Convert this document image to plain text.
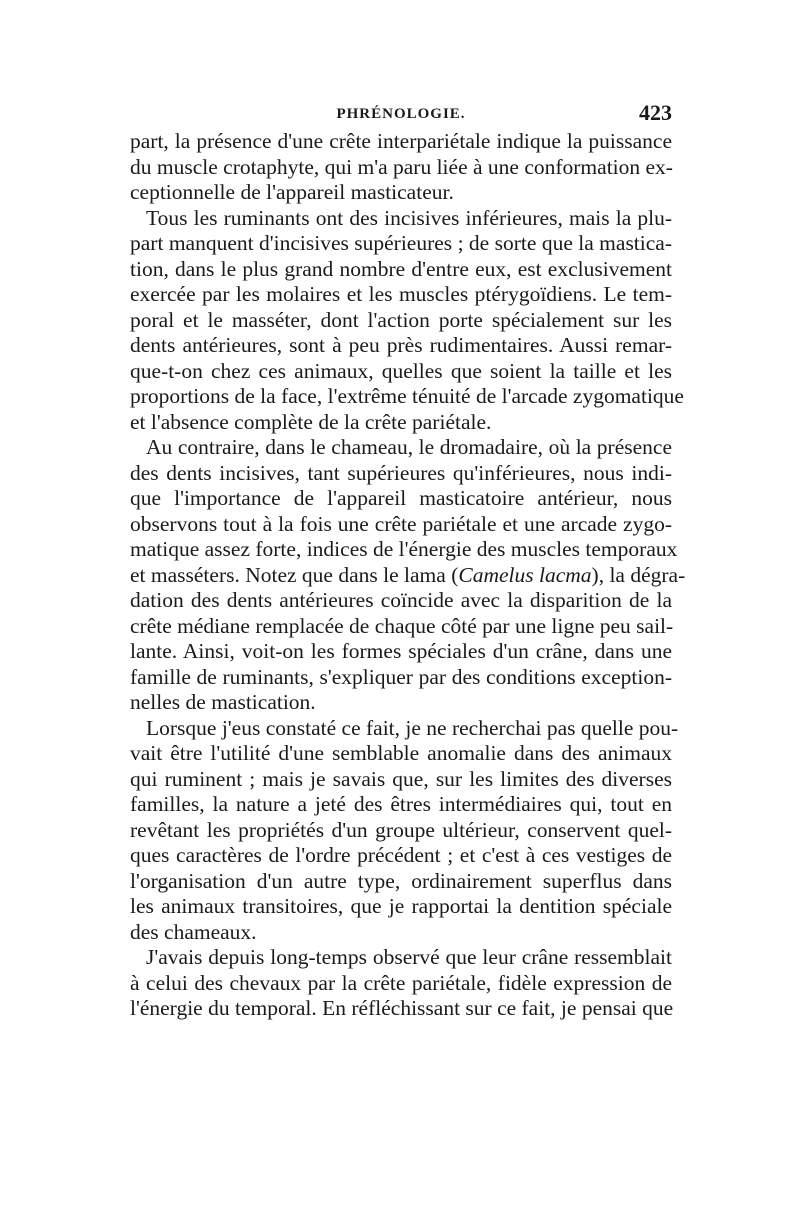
PHRÉNOLOGIE.	423
part, la présence d'une crête interpariétale indique la puissance
du muscle crotaphyte, qui m'a paru liée à une conformation ex-
ceptionnelle de l'appareil masticateur.
Tous les ruminants ont des incisives inférieures, mais la plu-
part manquent d'incisives supérieures ; de sorte que la mastica-
tion, dans le plus grand nombre d'entre eux, est exclusivement
exercée par les molaires et les muscles ptérygoïdiens. Le tem-
poral et le masséter, dont l'action porte spécialement sur les
dents antérieures, sont à peu près rudimentaires. Aussi remar-
que-t-on chez ces animaux, quelles que soient la taille et les
proportions de la face, l'extrême ténuité de l'arcade zygomatique
et l'absence complète de la crête pariétale.
Au contraire, dans le chameau, le dromadaire, où la présence
des dents incisives, tant supérieures qu'inférieures, nous indi-
que l'importance de l'appareil masticatoire antérieur, nous
observons tout à la fois une crête pariétale et une arcade zygo-
matique assez forte, indices de l'énergie des muscles temporaux
et masséters. Notez que dans le lama (Camelus lacma), la dégra-
dation des dents antérieures coïncide avec la disparition de la
crête médiane remplacée de chaque côté par une ligne peu sail-
lante. Ainsi, voit-on les formes spéciales d'un crâne, dans une
famille de ruminants, s'expliquer par des conditions exception-
nelles de mastication.
Lorsque j'eus constaté ce fait, je ne recherchai pas quelle pou-
vait être l'utilité d'une semblable anomalie dans des animaux
qui ruminent ; mais je savais que, sur les limites des diverses
familles, la nature a jeté des êtres intermédiaires qui, tout en
revêtant les propriétés d'un groupe ultérieur, conservent quel-
ques caractères de l'ordre précédent ; et c'est à ces vestiges de
l'organisation d'un autre type, ordinairement superflus dans
les animaux transitoires, que je rapportai la dentition spéciale
des chameaux.
J'avais depuis long-temps observé que leur crâne ressemblait
à celui des chevaux par la crête pariétale, fidèle expression de
l'énergie du temporal. En réfléchissant sur ce fait, je pensai que
